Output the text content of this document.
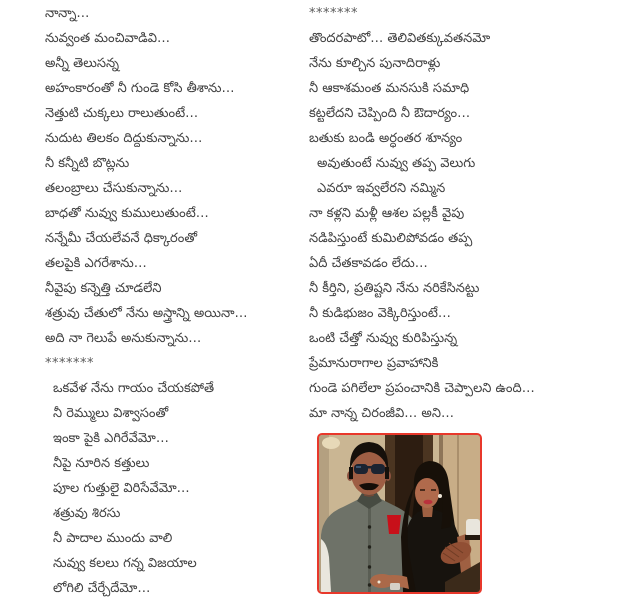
నాన్నా…
నువ్వంత మంచివాడివి…
అన్నీ తెలుసన్న
అహంకారంతో నీ గుండె కోసి తీశాను…
నెత్తుటి చుక్కలు రాలుతుంటే…
నుదుట తిలకం దిద్దుకున్నాను…
నీ కన్నీటి బొట్లను
తలంబ్రాలు చేసుకున్నాను…
బాధతో నువ్వు కుములుతుంటే…
నన్నేమీ చేయలేవనే ధిక్కారంతో
తలపైకి ఎగరేశాను…
నీవైపు కన్నెత్తి చూడలేని
శత్రువు చేతులో నేను అస్త్రాన్ని అయినా…
అది నా గెలుపే అనుకున్నాను…
*******
ఒకవేళ నేను గాయం చేయకపోతే
నీ రెమ్ములు విశ్వాసంతో
ఇంకా పైకి ఎగిరేవేమో…
నీపై నూరిన కత్తులు
పూల గుత్తులై విరిసేవేమో…
శత్రువు శిరసు
నీ పాదాల ముందు వాలి
నువ్వు కలలు గన్న విజయాల
లోగిలి చేర్చేదేమో…
*******
తొందరపాటో… తెలివితక్కువతనమో
నేను కూల్చిన పునాదిరాళ్లు
నీ ఆకాశమంత మనసుకి సమాధి
కట్టలేదని చెప్పింది నీ ఔదార్యం…
బతుకు బండి అర్ధంతర శూన్యం
అవుతుంటే నువ్వు తప్ప వెలుగు
ఎవరూ ఇవ్వలేరని నమ్మిన
నా కళ్లని మళ్లీ ఆశల పల్లకీ వైపు
నడిపిస్తుంటే కుమిలిపోవడం తప్ప
ఏదీ చేతకావడం లేదు…
నీ కీర్తిని, ప్రతిష్టని నేను నరికేసినట్టు
నీ కుడిభుజం వెక్కిరిస్తుంటే…
ఒంటి చేత్తో నువ్వు కురిపిస్తున్న
ప్రేమానురాగాల ప్రవాహానికి
గుండె పగిలేలా ప్రపంచానికి చెప్పాలని ఉంది…
మా నాన్న చిరంజీవి… అని…
